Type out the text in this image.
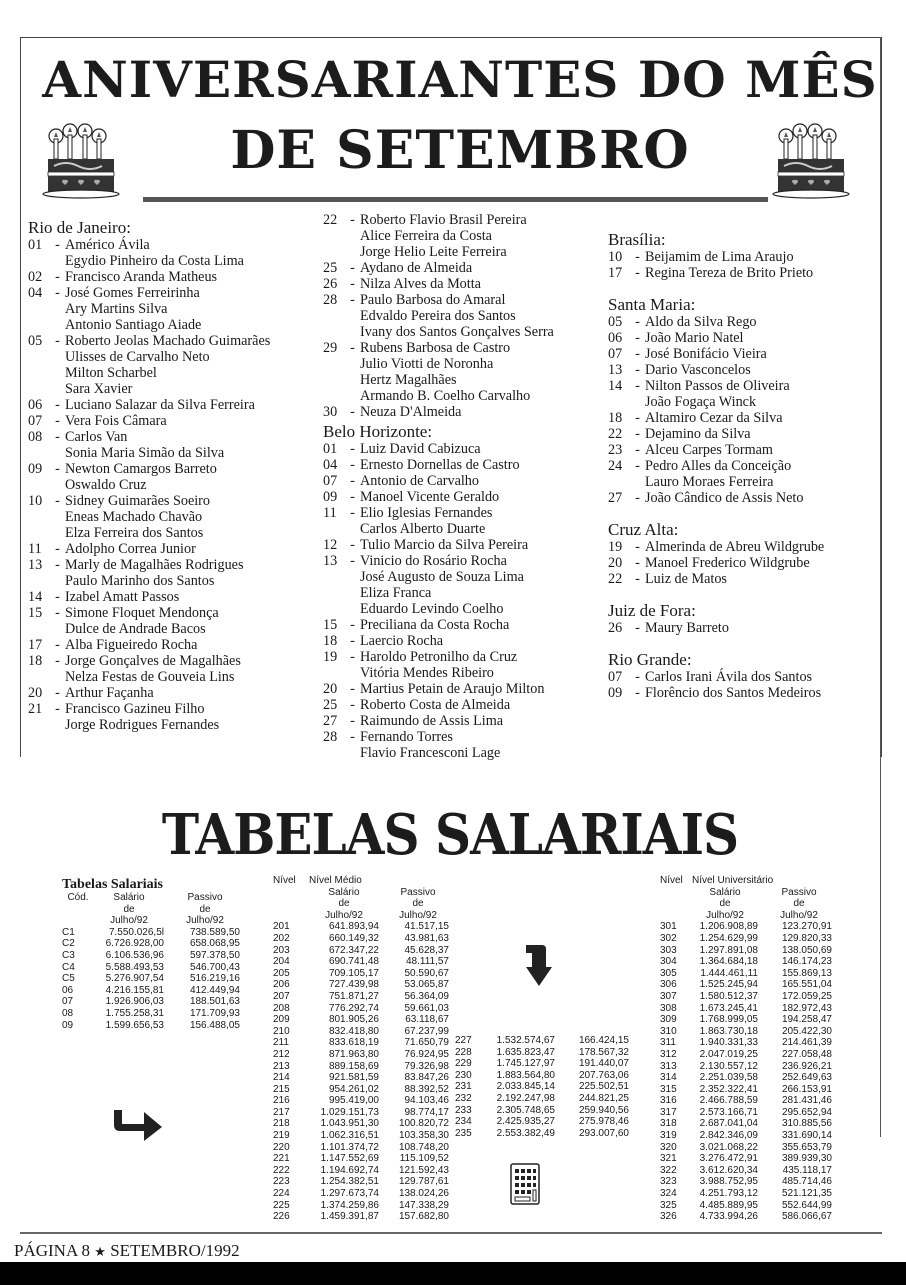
ANIVERSARIANTES DO MÊS
DE SETEMBRO
Rio de Janeiro:
01 - Américo Ávila
Egydio Pinheiro da Costa Lima
02 - Francisco Aranda Matheus
04 - José Gomes Ferreirinha
Ary Martins Silva
Antonio Santiago Aiade
05 - Roberto Jeolas Machado Guimarães
Ulisses de Carvalho Neto
Milton Scharbel
Sara Xavier
06 - Luciano Salazar da Silva Ferreira
07 - Vera Fois Câmara
08 - Carlos Van
Sonia Maria Simão da Silva
09 - Newton Camargos Barreto
Oswaldo Cruz
10 - Sidney Guimarães Soeiro
Eneas Machado Chavão
Elza Ferreira dos Santos
11 - Adolpho Correa Junior
13 - Marly de Magalhães Rodrigues
Paulo Marinho dos Santos
14 - Izabel Amatt Passos
15 - Simone Floquet Mendonça
Dulce de Andrade Bacos
17 - Alba Figueiredo Rocha
18 - Jorge Gonçalves de Magalhães
Nelza Festas de Gouveia Lins
20 - Arthur Façanha
21 - Francisco Gazineu Filho
Jorge Rodrigues Fernandes
22 - Roberto Flavio Brasil Pereira
Alice Ferreira da Costa
Jorge Helio Leite Ferreira
25 - Aydano de Almeida
26 - Nilza Alves da Motta
28 - Paulo Barbosa do Amaral
Edvaldo Pereira dos Santos
Ivany dos Santos Gonçalves Serra
29 - Rubens Barbosa de Castro
Julio Viotti de Noronha
Hertz Magalhães
Armando B. Coelho Carvalho
30 - Neuza D'Almeida
Belo Horizonte:
01 - Luiz David Cabizuca
04 - Ernesto Dornellas de Castro
07 - Antonio de Carvalho
09 - Manoel Vicente Geraldo
11 - Elio Iglesias Fernandes
Carlos Alberto Duarte
12 - Tulio Marcio da Silva Pereira
13 - Vinicio do Rosário Rocha
José Augusto de Souza Lima
Eliza Franca
Eduardo Levindo Coelho
15 - Preciliana da Costa Rocha
18 - Laercio Rocha
19 - Haroldo Petronilho da Cruz
Vitória Mendes Ribeiro
20 - Martius Petain de Araujo Milton
25 - Roberto Costa de Almeida
27 - Raimundo de Assis Lima
28 - Fernando Torres
Flavio Francesconi Lage
Brasília:
10 - Beijamim de Lima Araujo
17 - Regina Tereza de Brito Prieto
Santa Maria:
05 - Aldo da Silva Rego
06 - João Mario Natel
07 - José Bonifácio Vieira
13 - Dario Vasconcelos
14 - Nilton Passos de Oliveira
João Fogaça Winck
18 - Altamiro Cezar da Silva
22 - Dejamino da Silva
23 - Alceu Carpes Tormam
24 - Pedro Alles da Conceição
Lauro Moraes Ferreira
27 - João Cândico de Assis Neto
Cruz Alta:
19 - Almerinda de Abreu Wildgrube
20 - Manoel Frederico Wildgrube
22 - Luiz de Matos
Juiz de Fora:
26 - Maury Barreto
Rio Grande:
07 - Carlos Irani Ávila dos Santos
09 - Florêncio dos Santos Medeiros
TABELAS SALARIAIS
Tabelas Salariais
Cód.	Salário	Passivo
	de	de
	Julho/92	Julho/92
C1	7.550.026,5l	738.589,50
C2	6.726.928,00	658.068,95
C3	6.106.536,96	597.378,50
C4	5.588.493,53	546.700,43
C5	5.276.907,54	516.219,16
06	4.216.155,81	412.449,94
07	1.926.906,03	188.501,63
08	1.755.258,31	171.709,93
09	1.599.656,53	156.488,05
Nível	Nível Médio	
	Salário	Passivo
	de	de
	Julho/92	Julho/92
201	641.893,94	41.517,15
202	660.149,32	43.981,63
203	672.347,22	45.628,37
204	690.741,48	48.111,57
205	709.105,17	50.590,67
206	727.439,98	53.065,87
207	751.871,27	56.364,09
208	776.292,74	59.661,03
209	801.905,26	63.118,67
210	832.418,80	67.237,99
211	833.618,19	71.650,79
212	871.963,80	76.924,95
213	889.158,69	79.326,98
214	921.581,59	83.847,26
215	954.261,02	88.392,52
216	995.419,00	94.103,46
217	1.029.151,73	98.774,17
218	1.043.951,30	100.820,72
219	1.062.316,51	103.358,30
220	1.101.374,72	108.748,20
221	1.147.552,69	115.109,52
222	1.194.692,74	121.592,43
223	1.254.382,51	129.787,61
224	1.297.673,74	138.024,26
225	1.374.259,86	147.338,29
226	1.459.391,87	157.682,80
227	1.532.574,67	166.424,15
228	1.635.823,47	178.567,32
229	1.745.127,97	191.440,07
230	1.883.564,80	207.763,06
231	2.033.845,14	225.502,51
232	2.192.247,98	244.821,25
233	2.305.748,65	259.940,56
234	2.425.935,27	275.978,46
235	2.553.382,49	293.007,60
Nível	Nível Universitário	
	Salário	Passivo
	de	de
	Julho/92	Julho/92
301	1.206.908,89	123.270,91
302	1.254.629,99	129.820,33
303	1.297.891,08	138.050,69
304	1.364.684,18	146.174,23
305	1.444.461,11	155.869,13
306	1.525.245,94	165.551,04
307	1.580.512,37	172.059,25
308	1.673.245,41	182.972,43
309	1.768.999,05	194.258,47
310	1.863.730,18	205.422,30
311	1.940.331,33	214.461,39
312	2.047.019,25	227.058,48
313	2.130.557,12	236.926,21
314	2.251.039,58	252.649,63
315	2.352.322,41	266.153,91
316	2.466.788,59	281.431,46
317	2.573.166,71	295.652,94
318	2.687.041,04	310.885,56
319	2.842.346,09	331.690,14
320	3.021.068,22	355.653,79
321	3.276.472,91	389.939,30
322	3.612.620,34	435.118,17
323	3.988.752,95	485.714,46
324	4.251.793,12	521.121,35
325	4.485.889,95	552.644,99
326	4.733.994,26	586.066,67
PÁGINA 8 ★ SETEMBRO/1992
